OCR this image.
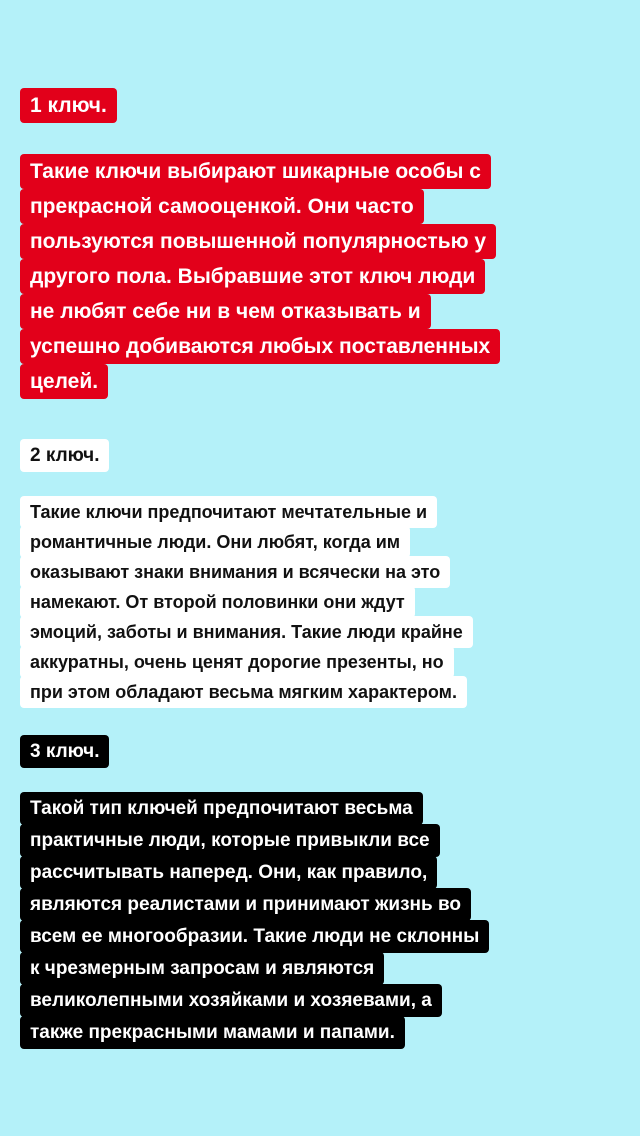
1 ключ.
Такие ключи выбирают шикарные особы с
прекрасной самооценкой. Они часто
пользуются повышенной популярностью у
другого пола. Выбравшие этот ключ люди
не любят себе ни в чем отказывать и
успешно добиваются любых поставленных
целей.
2 ключ.
Такие ключи предпочитают мечтательные и
романтичные люди. Они любят, когда им
оказывают знаки внимания и всячески на это
намекают. От второй половинки они ждут
эмоций, заботы и внимания. Такие люди крайне
аккуратны, очень ценят дорогие презенты, но
при этом обладают весьма мягким характером.
3 ключ.
Такой тип ключей предпочитают весьма
практичные люди, которые привыкли все
рассчитывать наперед. Они, как правило,
являются реалистами и принимают жизнь во
всем ее многообразии. Такие люди не склонны
к чрезмерным запросам и являются
великолепными хозяйками и хозяевами, а
также прекрасными мамами и папами.
